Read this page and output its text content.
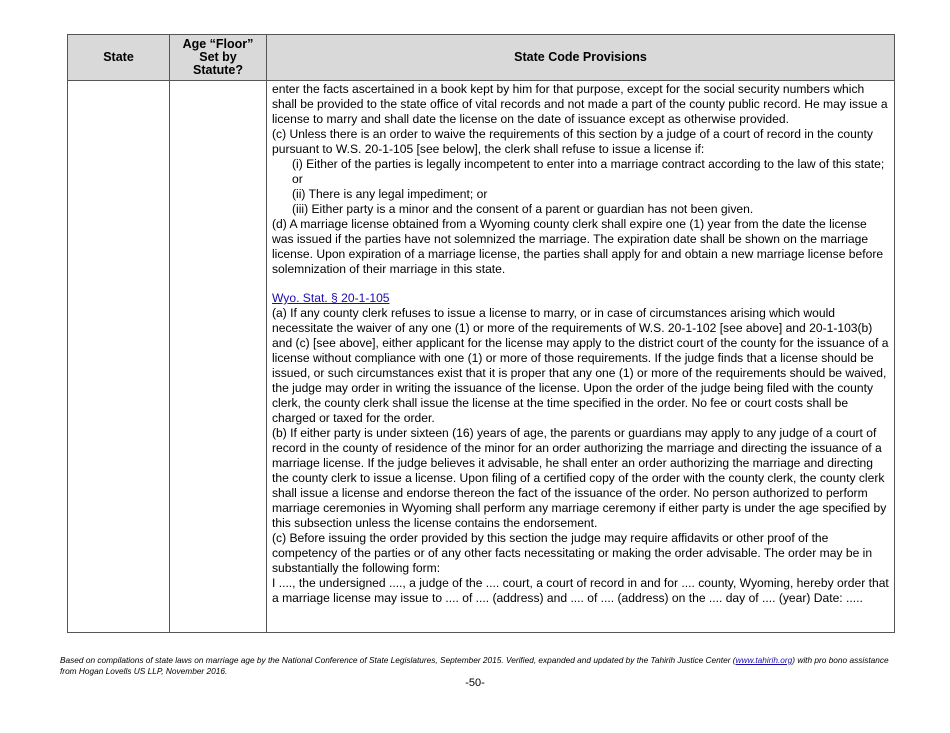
State
Age “Floor”
Set by
Statute?
State Code Provisions

enter the facts ascertained in a book kept by him for that purpose, except for the social security numbers which shall be provided to the state office of vital records and not made a part of the county public record. He may issue a license to marry and shall date the license on the date of issuance except as otherwise provided.

(c) Unless there is an order to waive the requirements of this section by a judge of a court of record in the county pursuant to W.S. 20-1-105 [see below], the clerk shall refuse to issue a license if:

(i) Either of the parties is legally incompetent to enter into a marriage contract according to the law of this state; or

(ii) There is any legal impediment; or

(iii) Either party is a minor and the consent of a parent or guardian has not been given.

(d) A marriage license obtained from a Wyoming county clerk shall expire one (1) year from the date the license was issued if the parties have not solemnized the marriage. The expiration date shall be shown on the marriage license. Upon expiration of a marriage license, the parties shall apply for and obtain a new marriage license before solemnization of their marriage in this state.

Wyo. Stat. § 20-1-105

(a) If any county clerk refuses to issue a license to marry, or in case of circumstances arising which would necessitate the waiver of any one (1) or more of the requirements of W.S. 20-1-102 [see above] and 20-1-103(b) and (c) [see above], either applicant for the license may apply to the district court of the county for the issuance of a license without compliance with one (1) or more of those requirements. If the judge finds that a license should be issued, or such circumstances exist that it is proper that any one (1) or more of the requirements should be waived, the judge may order in writing the issuance of the license. Upon the order of the judge being filed with the county clerk, the county clerk shall issue the license at the time specified in the order. No fee or court costs shall be charged or taxed for the order.

(b) If either party is under sixteen (16) years of age, the parents or guardians may apply to any judge of a court of record in the county of residence of the minor for an order authorizing the marriage and directing the issuance of a marriage license. If the judge believes it advisable, he shall enter an order authorizing the marriage and directing the county clerk to issue a license. Upon filing of a certified copy of the order with the county clerk, the county clerk shall issue a license and endorse thereon the fact of the issuance of the order. No person authorized to perform marriage ceremonies in Wyoming shall perform any marriage ceremony if either party is under the age specified by this subsection unless the license contains the endorsement.

(c) Before issuing the order provided by this section the judge may require affidavits or other proof of the competency of the parties or of any other facts necessitating or making the order advisable. The order may be in substantially the following form:

I ...., the undersigned ...., a judge of the .... court, a court of record in and for .... county, Wyoming, hereby order that a marriage license may issue to .... of .... (address) and .... of .... (address) on the .... day of .... (year) Date: .....

Based on compilations of state laws on marriage age by the National Conference of State Legislatures, September 2015. Verified, expanded and updated by the Tahirih Justice Center (www.tahirih.org) with pro bono assistance from Hogan Lovells US LLP, November 2016.
-50-
